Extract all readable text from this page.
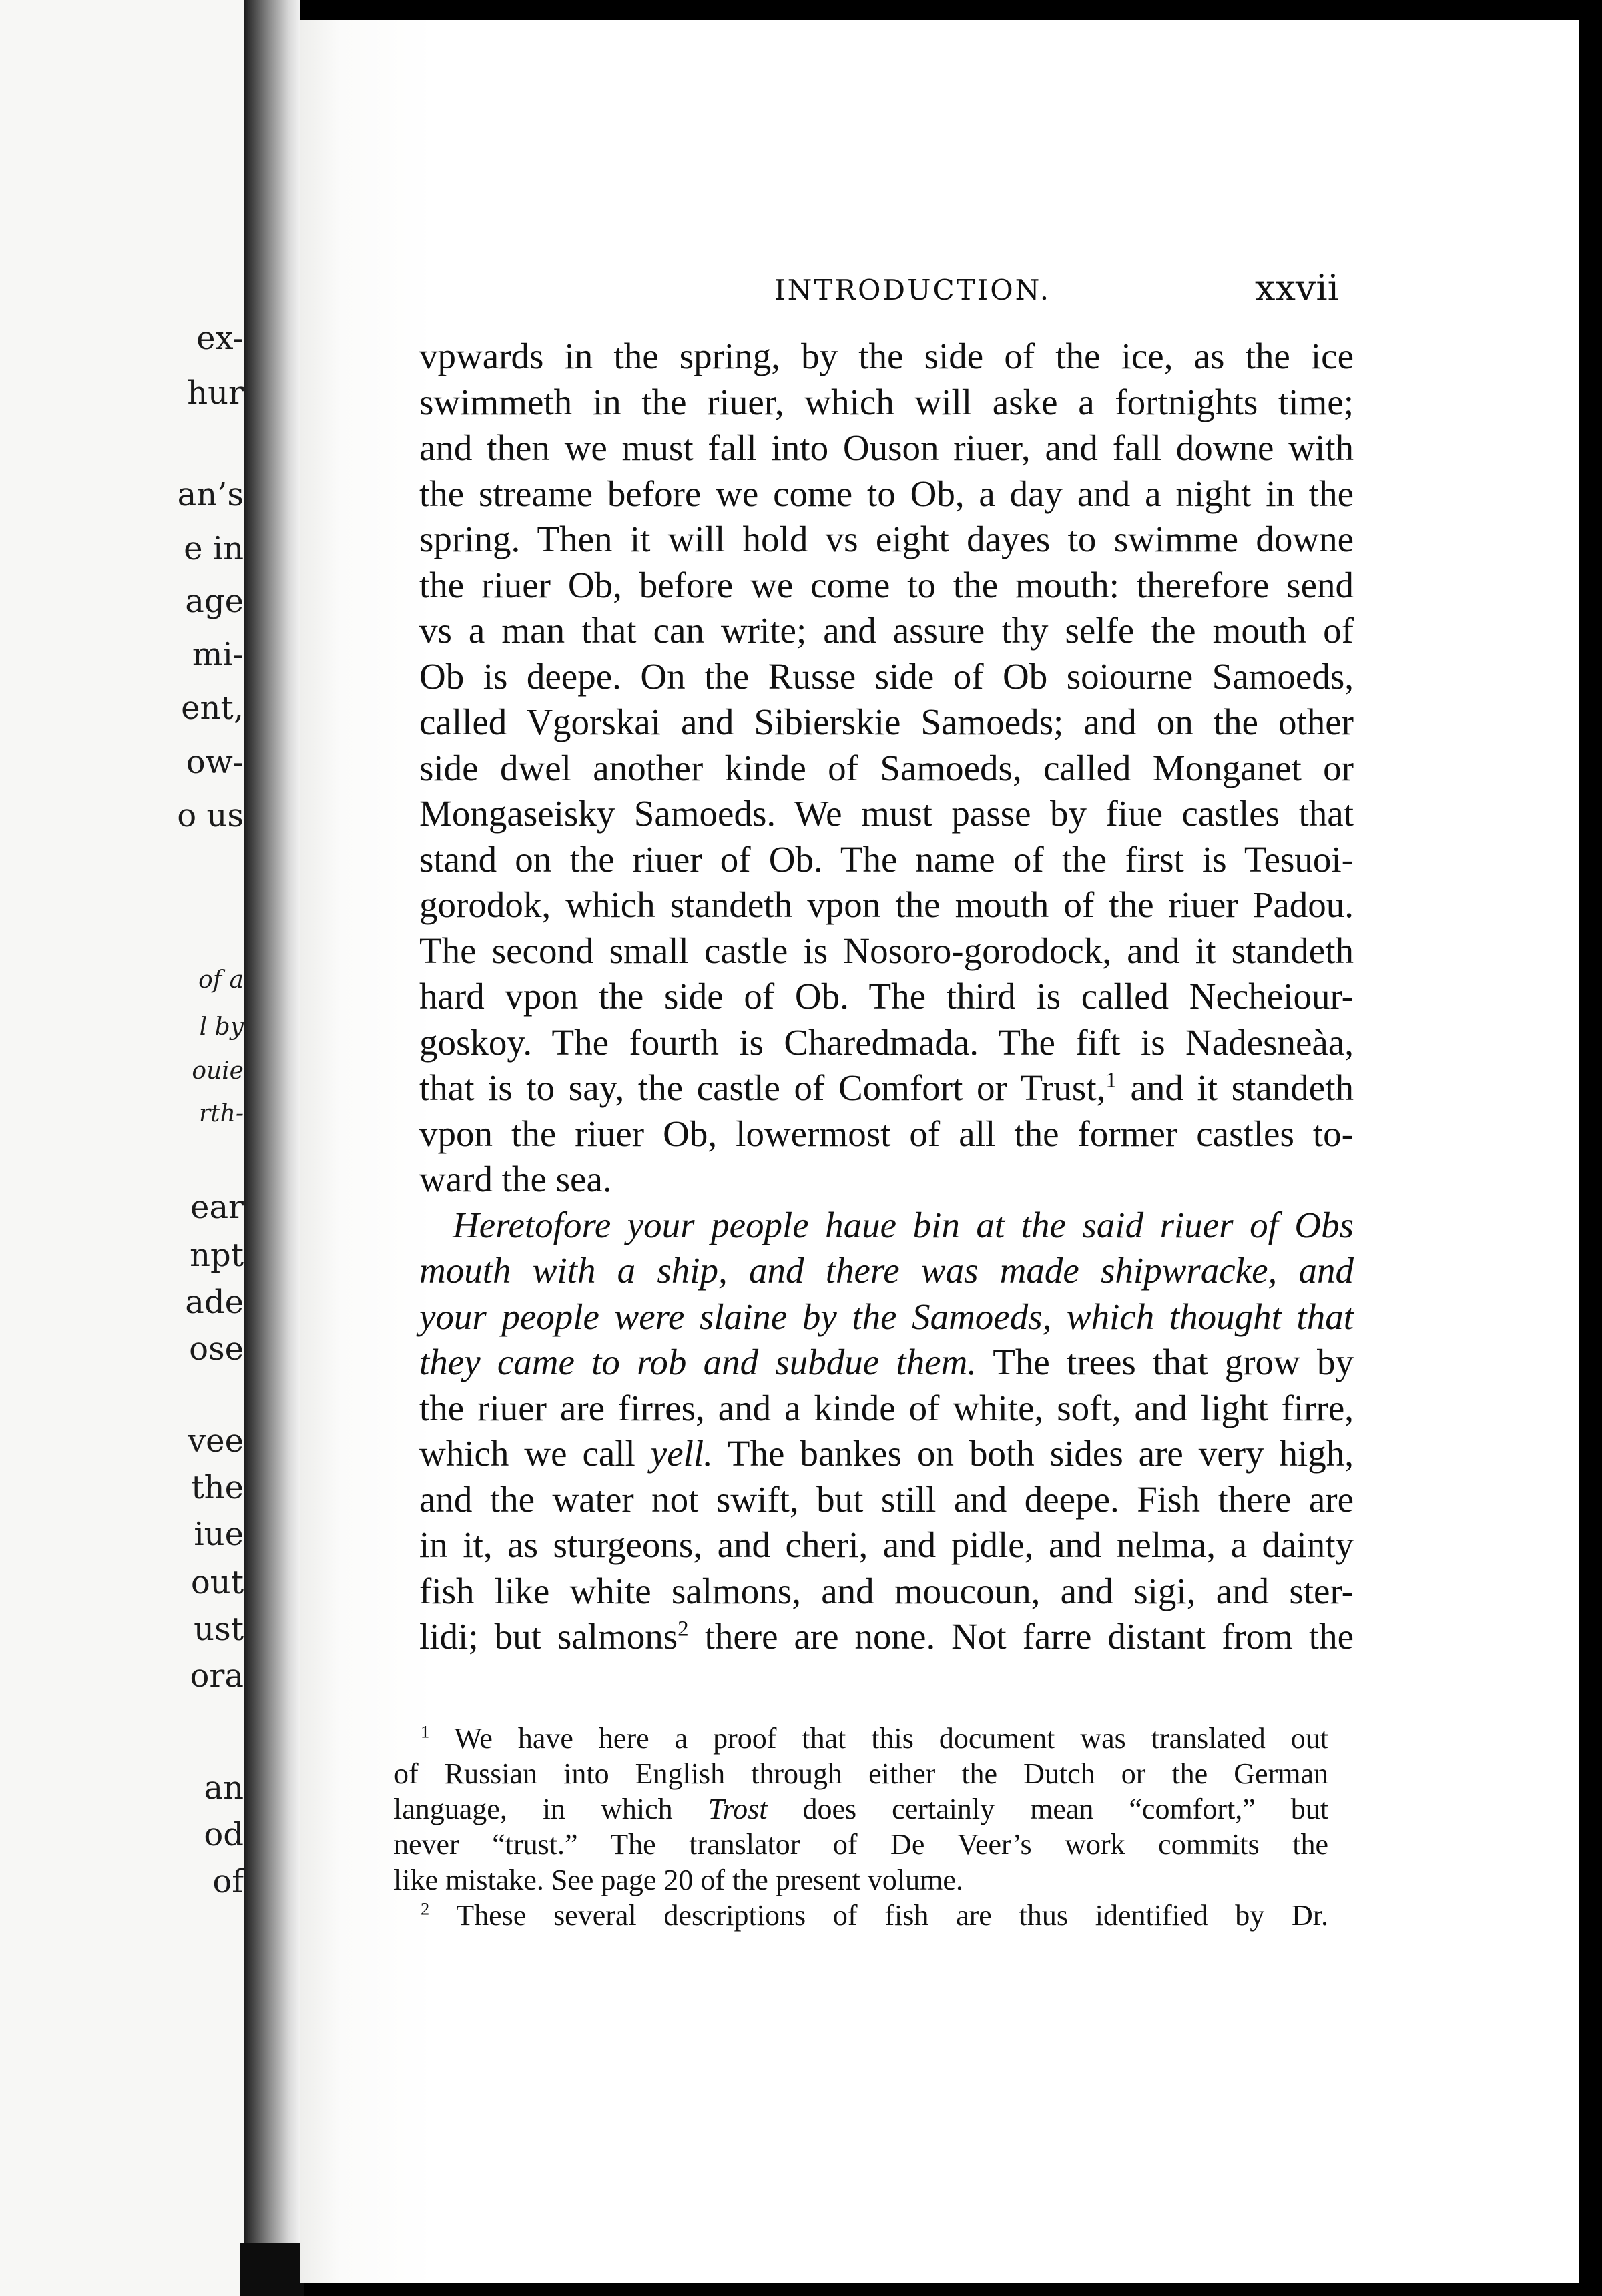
ex-
hur
an’s
e in
age
mi-
ent,
ow-
o us
of a
l by
ouie
rth-
ear
npt
ade
ose
vee
the
iue
out
ust
ora
an
od
of
INTRODUCTION.	xxvii
vpwards in the spring, by the side of the ice, as the ice
swimmeth in the riuer, which will aske a fortnights time;
and then we must fall into Ouson riuer, and fall downe with
the streame before we come to Ob, a day and a night in the
spring. Then it will hold vs eight dayes to swimme downe
the riuer Ob, before we come to the mouth: therefore send
vs a man that can write; and assure thy selfe the mouth of
Ob is deepe. On the Russe side of Ob soiourne Samoeds,
called Vgorskai and Sibierskie Samoeds; and on the other
side dwel another kinde of Samoeds, called Monganet or
Mongaseisky Samoeds. We must passe by fiue castles that
stand on the riuer of Ob. The name of the first is Tesuoi-
gorodok, which standeth vpon the mouth of the riuer Padou.
The second small castle is Nosoro-gorodock, and it standeth
hard vpon the side of Ob. The third is called Necheiour-
goskoy. The fourth is Charedmada. The fift is Nadesneàa,
that is to say, the castle of Comfort or Trust,$^1$ and it standeth
vpon the riuer Ob, lowermost of all the former castles to-
ward the sea.
Heretofore your people haue bin at the said riuer of Obs
mouth with a ship, and there was made shipwracke, and
your people were slaine by the Samoeds, which thought that
they came to rob and subdue them. The trees that grow by
the riuer are firres, and a kinde of white, soft, and light firre,
which we call yell. The bankes on both sides are very high,
and the water not swift, but still and deepe. Fish there are
in it, as sturgeons, and cheri, and pidle, and nelma, a dainty
fish like white salmons, and moucoun, and sigi, and ster-
lidi; but salmons$^2$ there are none. Not farre distant from the
$^1$ We have here a proof that this document was translated out
of Russian into English through either the Dutch or the German
language, in which Trost does certainly mean “comfort,” but
never “trust.” The translator of De Veer’s work commits the
like mistake. See page 20 of the present volume.
$^2$ These several descriptions of fish are thus identified by Dr.
